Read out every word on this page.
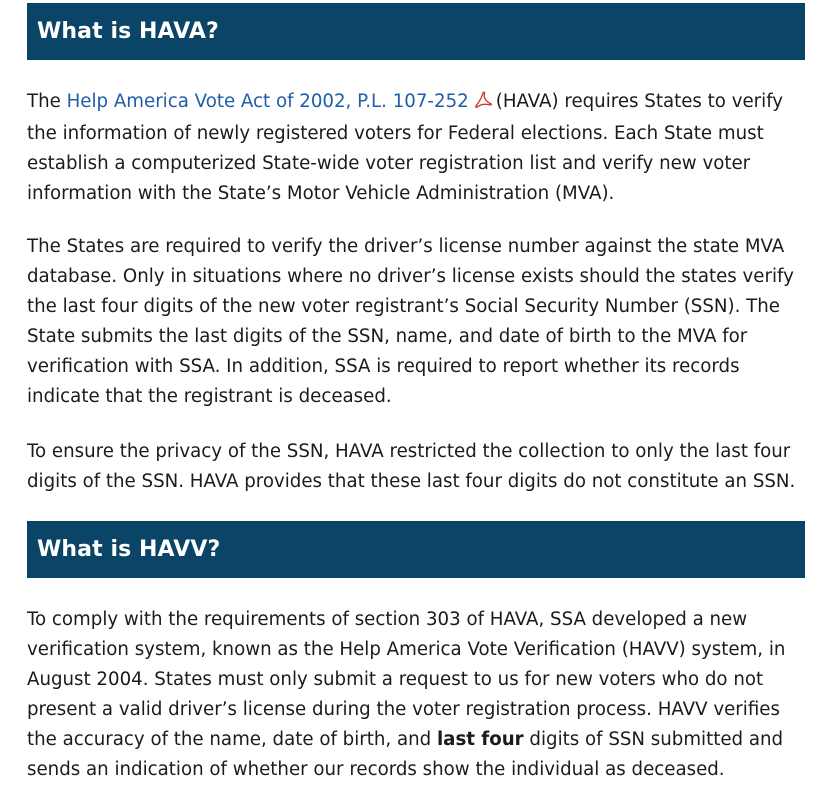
What is HAVA?

The Help America Vote Act of 2002, P.L. 107-252 (HAVA) requires States to verify the information of newly registered voters for Federal elections. Each State must establish a computerized State-wide voter registration list and verify new voter information with the State’s Motor Vehicle Administration (MVA).

The States are required to verify the driver’s license number against the state MVA database. Only in situations where no driver’s license exists should the states verify the last four digits of the new voter registrant’s Social Security Number (SSN). The State submits the last digits of the SSN, name, and date of birth to the MVA for verification with SSA. In addition, SSA is required to report whether its records indicate that the registrant is deceased.

To ensure the privacy of the SSN, HAVA restricted the collection to only the last four digits of the SSN. HAVA provides that these last four digits do not constitute an SSN.

What is HAVV?

To comply with the requirements of section 303 of HAVA, SSA developed a new verification system, known as the Help America Vote Verification (HAVV) system, in August 2004. States must only submit a request to us for new voters who do not present a valid driver’s license during the voter registration process. HAVV verifies the accuracy of the name, date of birth, and last four digits of SSN submitted and sends an indication of whether our records show the individual as deceased.
